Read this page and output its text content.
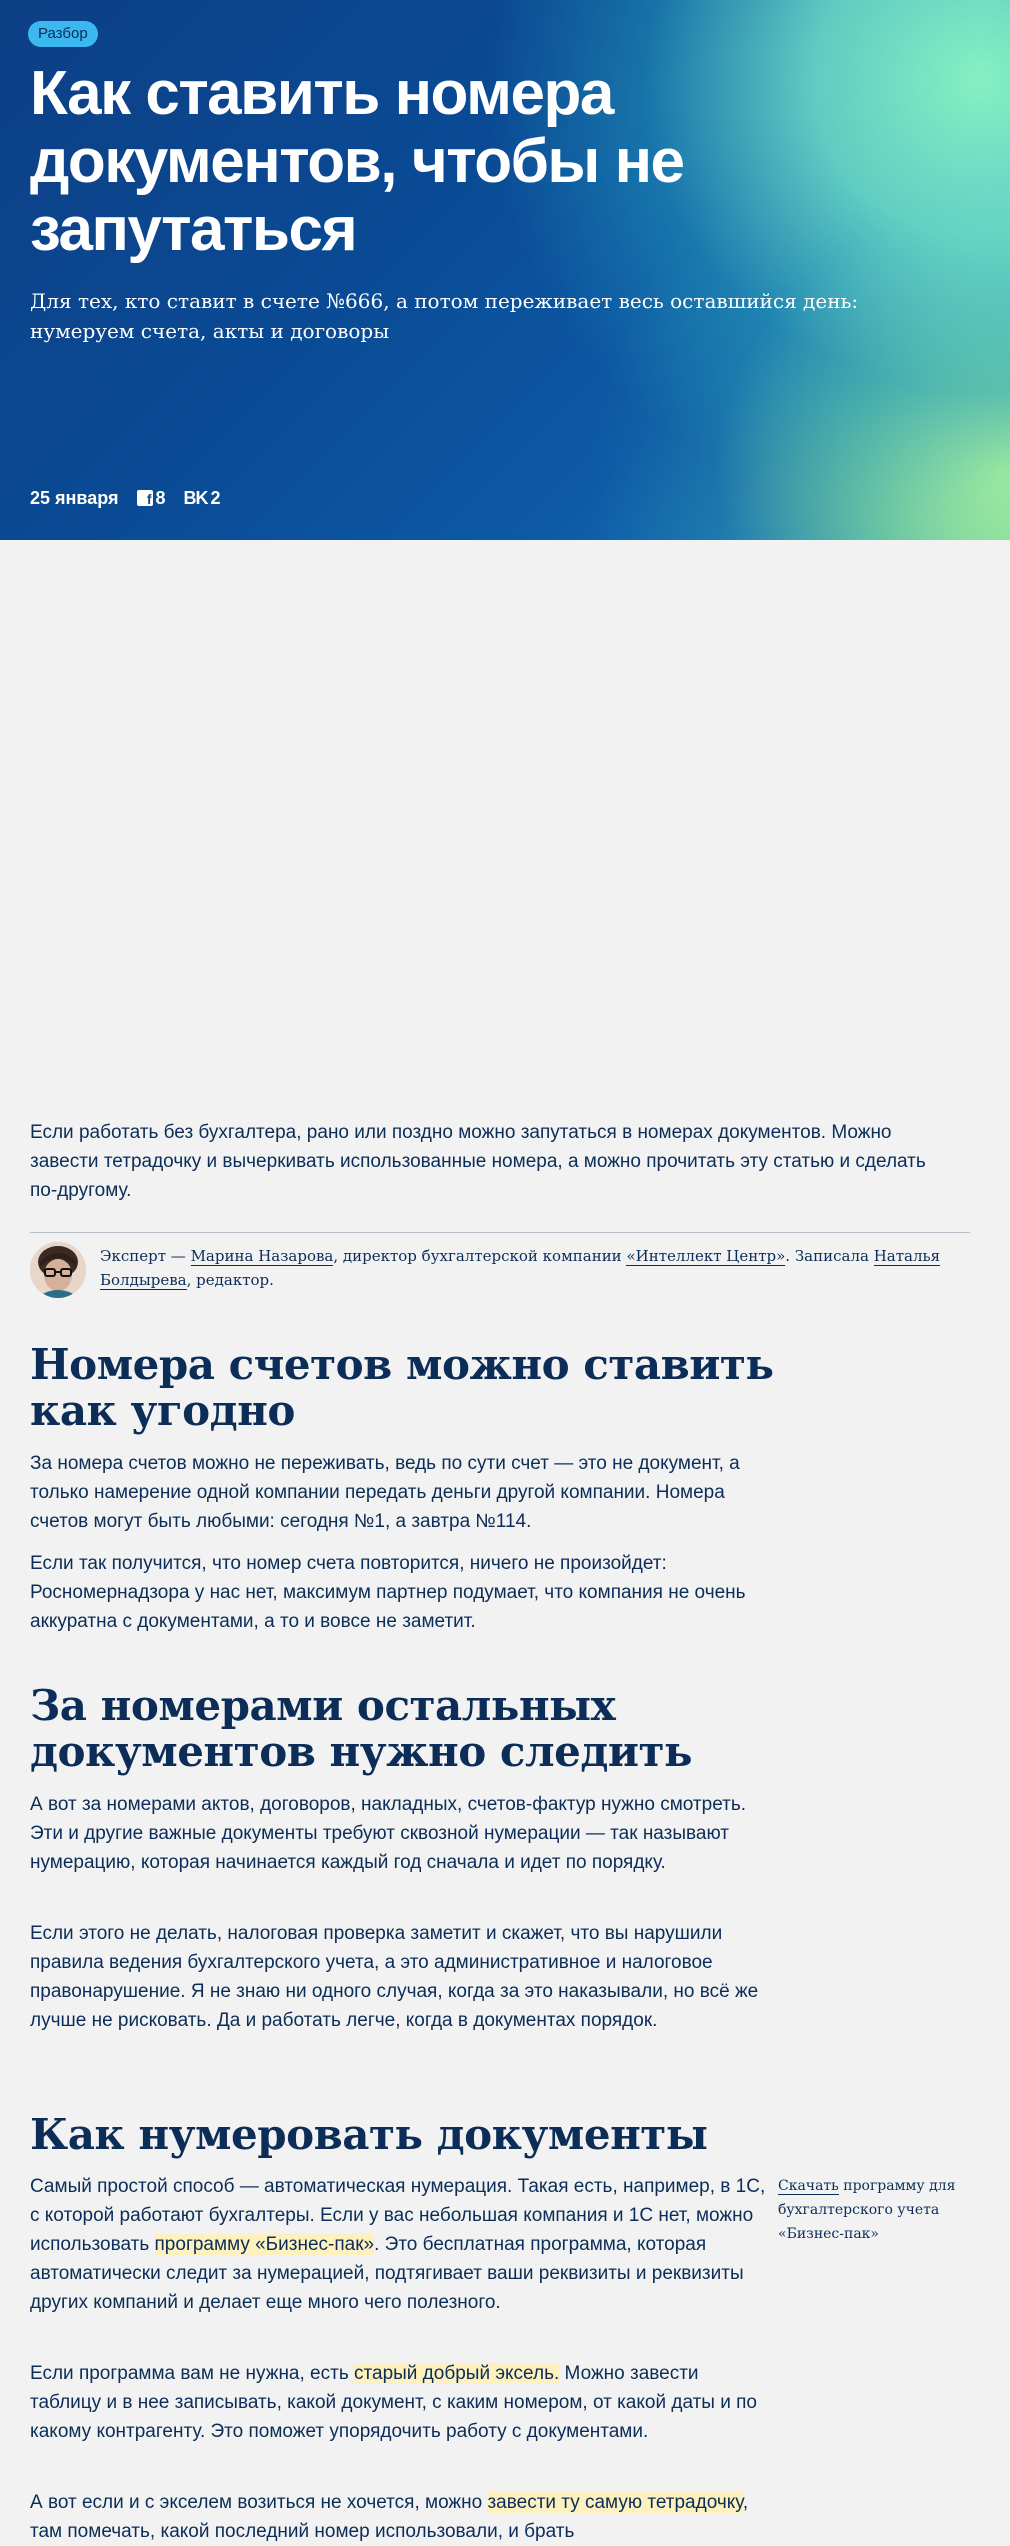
Разбор
Как ставить номера документов, чтобы не запутаться

Для тех, кто ставит в счете №666, а потом переживает весь оставшийся день: нумеруем счета, акты и договоры

25 января	f 8 ВK 2

Если работать без бухгалтера, рано или поздно можно запутаться в номерах документов. Можно завести тетрадочку и вычеркивать использованные номера, а можно прочитать эту статью и сделать по-другому.

Эксперт — Марина Назарова, директор бухгалтерской компании «Интеллект Центр». Записала Наталья Болдырева, редактор.

Номера счетов можно ставить как угодно

За номера счетов можно не переживать, ведь по сути счет — это не документ, а только намерение одной компании передать деньги другой компании. Номера счетов могут быть любыми: сегодня №1, а завтра №114.

Если так получится, что номер счета повторится, ничего не произойдет: Росномернадзора у нас нет, максимум партнер подумает, что компания не очень аккуратна с документами, а то и вовсе не заметит.

За номерами остальных документов нужно следить

А вот за номерами актов, договоров, накладных, счетов-фактур нужно смотреть. Эти и другие важные документы требуют сквозной нумерации — так называют нумерацию, которая начинается каждый год сначала и идет по порядку.

Если этого не делать, налоговая проверка заметит и скажет, что вы нарушили правила ведения бухгалтерского учета, а это административное и налоговое правонарушение. Я не знаю ни одного случая, когда за это наказывали, но всё же лучше не рисковать. Да и работать легче, когда в документах порядок.

Как нумеровать документы

Самый простой способ — автоматическая нумерация. Такая есть, например, в 1С, с которой работают бухгалтеры. Если у вас небольшая компания и 1С нет, можно использовать программу «Бизнес-пак». Это бесплатная программа, которая автоматически следит за нумерацией, подтягивает ваши реквизиты и реквизиты других компаний и делает еще много чего полезного.

Если программа вам не нужна, есть старый добрый эксель. Можно завести таблицу и в нее записывать, какой документ, с каким номером, от какой даты и по какому контрагенту. Это поможет упорядочить работу с документами.

А вот если и с экселем возиться не хочется, можно завести ту самую тетрадочку, там помечать, какой последний номер использовали, и брать

Скачать программу для бухгалтерского учета «Бизнес-пак»
